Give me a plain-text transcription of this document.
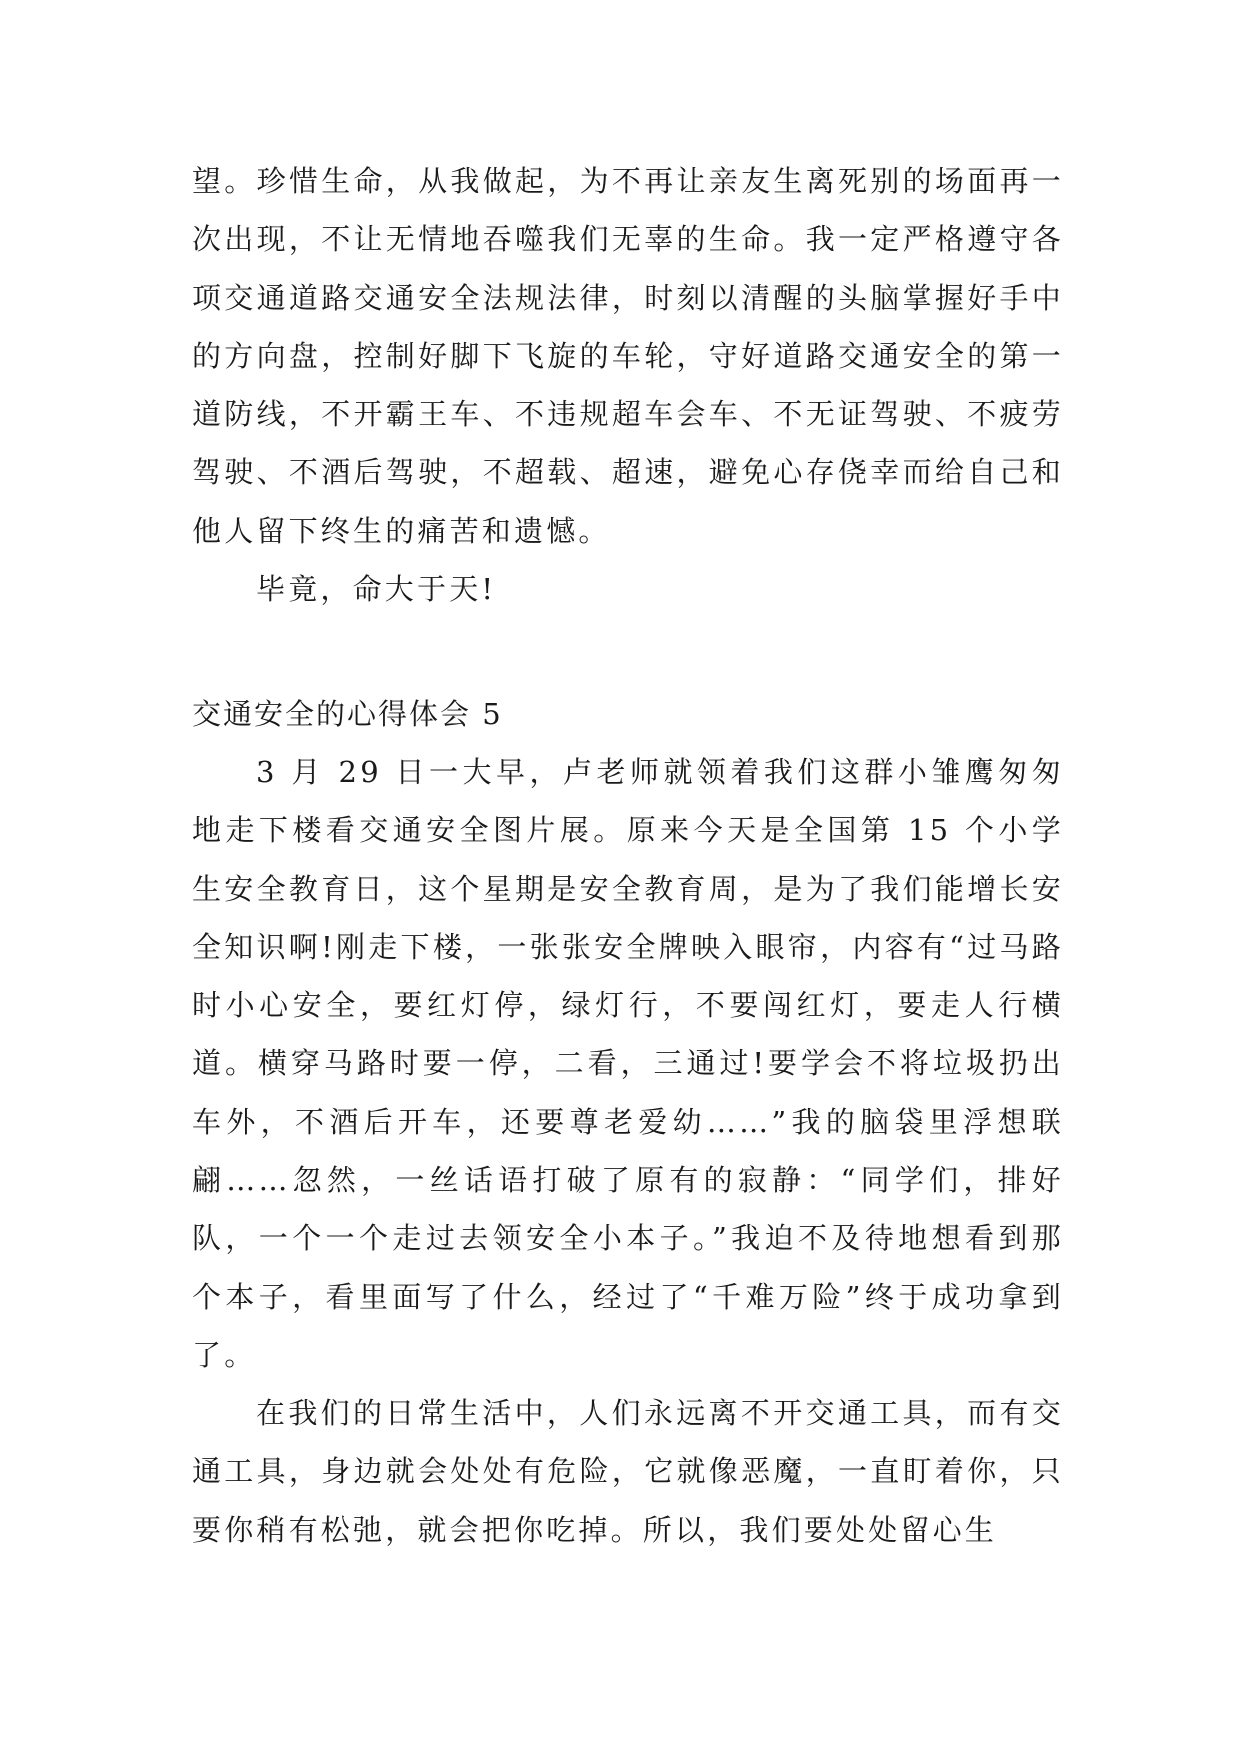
望。珍惜生命，从我做起，为不再让亲友生离死别的场面再一次出现，不让无情地吞噬我们无辜的生命。我一定严格遵守各项交通道路交通安全法规法律，时刻以清醒的头脑掌握好手中的方向盘，控制好脚下飞旋的车轮，守好道路交通安全的第一道防线，不开霸王车、不违规超车会车、不无证驾驶、不疲劳驾驶、不酒后驾驶，不超载、超速，避免心存侥幸而给自己和他人留下终生的痛苦和遗憾。

毕竟，命大于天!

交通安全的心得体会 5

3 月 29 日一大早，卢老师就领着我们这群小雏鹰匆匆地走下楼看交通安全图片展。原来今天是全国第 15 个小学生安全教育日，这个星期是安全教育周，是为了我们能增长安全知识啊!刚走下楼，一张张安全牌映入眼帘，内容有“过马路时小心安全，要红灯停，绿灯行，不要闯红灯，要走人行横道。横穿马路时要一停，二看，三通过!要学会不将垃圾扔出车外，不酒后开车，还要尊老爱幼……”我的脑袋里浮想联翩……忽然，一丝话语打破了原有的寂静：“同学们，排好队，一个一个走过去领安全小本子。”我迫不及待地想看到那个本子，看里面写了什么，经过了“千难万险”终于成功拿到了。

在我们的日常生活中，人们永远离不开交通工具，而有交通工具，身边就会处处有危险，它就像恶魔，一直盯着你，只要你稍有松弛，就会把你吃掉。所以，我们要处处留心生
